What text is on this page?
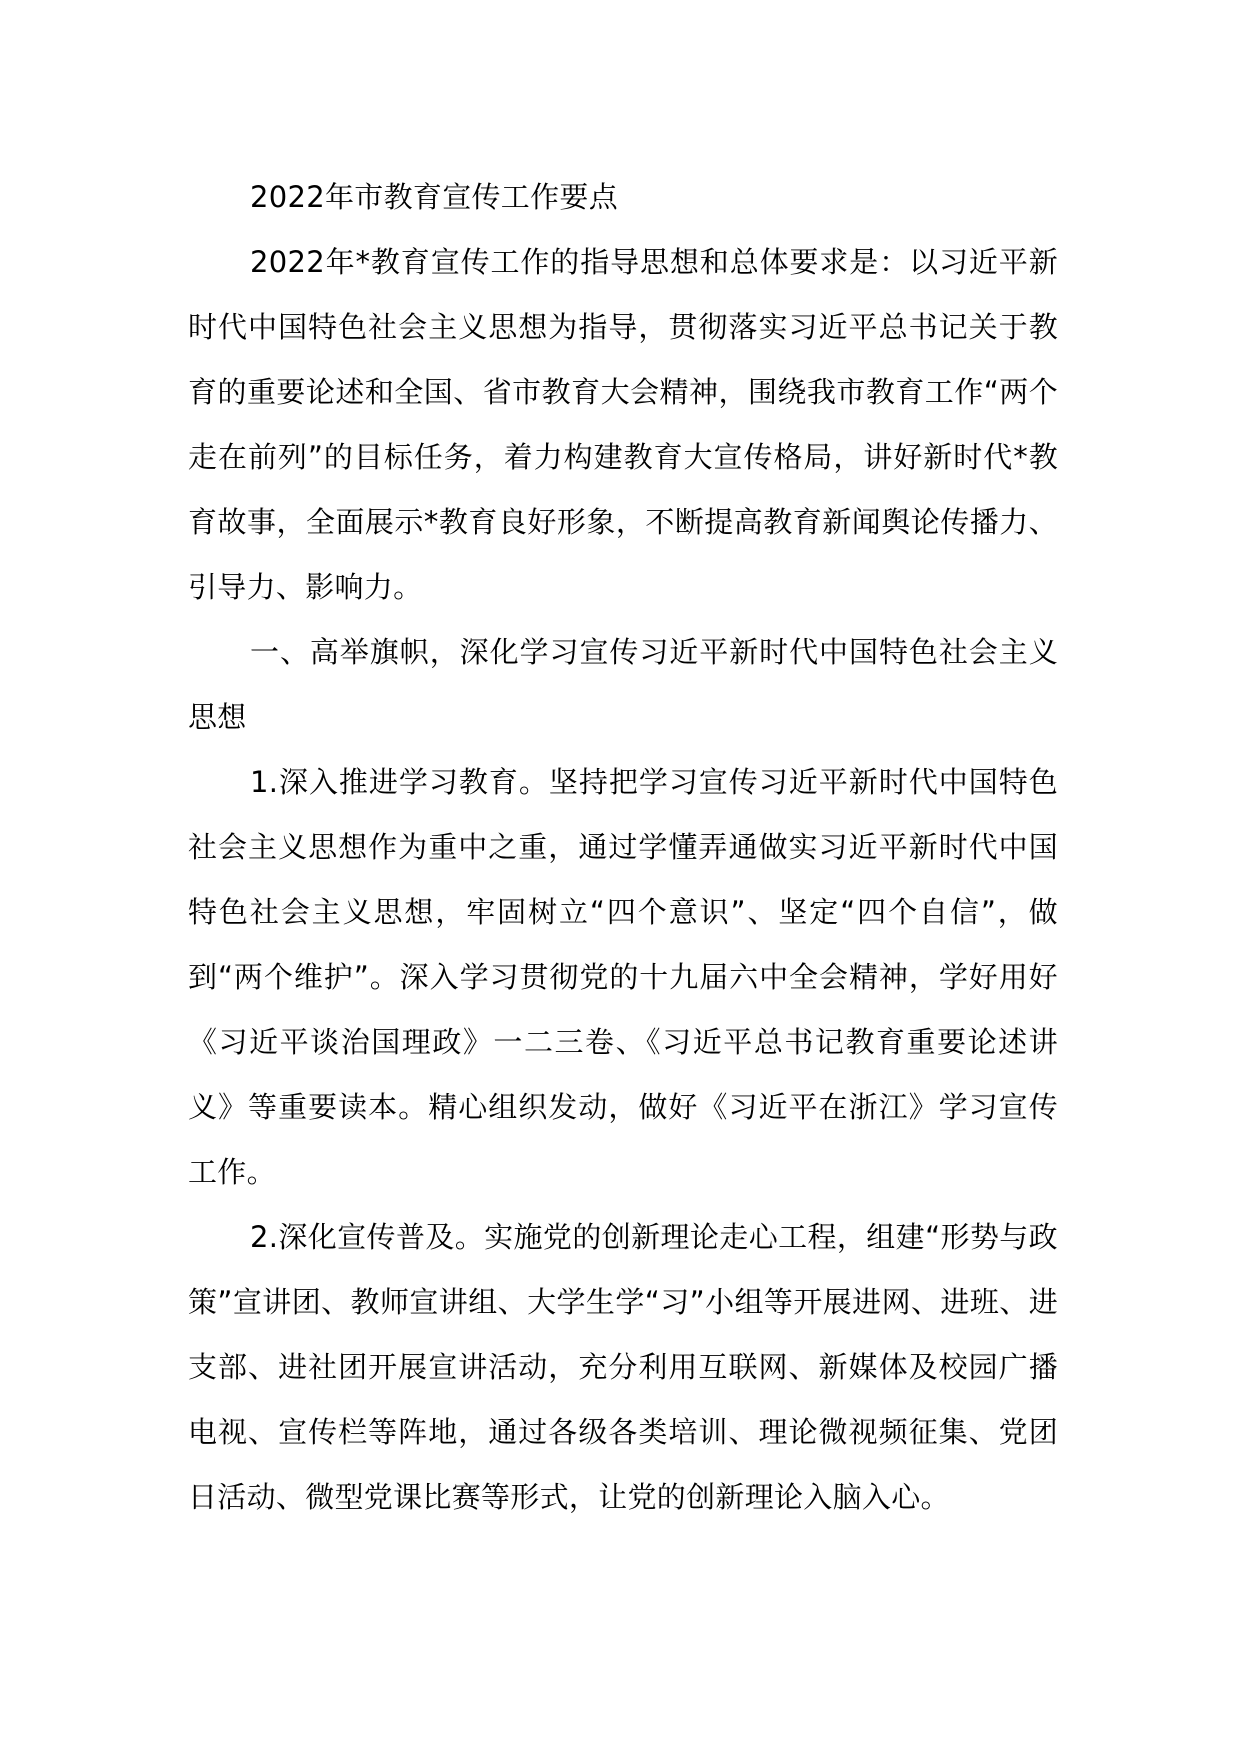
2022年市教育宣传工作要点

2022年*教育宣传工作的指导思想和总体要求是：以习近平新时代中国特色社会主义思想为指导，贯彻落实习近平总书记关于教育的重要论述和全国、省市教育大会精神，围绕我市教育工作“两个走在前列”的目标任务，着力构建教育大宣传格局，讲好新时代*教育故事，全面展示*教育良好形象，不断提高教育新闻舆论传播力、引导力、影响力。

一、高举旗帜，深化学习宣传习近平新时代中国特色社会主义思想

1.深入推进学习教育。坚持把学习宣传习近平新时代中国特色社会主义思想作为重中之重，通过学懂弄通做实习近平新时代中国特色社会主义思想，牢固树立“四个意识”、坚定“四个自信”，做到“两个维护”。深入学习贯彻党的十九届六中全会精神，学好用好《习近平谈治国理政》一二三卷、《习近平总书记教育重要论述讲义》等重要读本。精心组织发动，做好《习近平在浙江》学习宣传工作。

2.深化宣传普及。实施党的创新理论走心工程，组建“形势与政策”宣讲团、教师宣讲组、大学生学“习”小组等开展进网、进班、进支部、进社团开展宣讲活动，充分利用互联网、新媒体及校园广播电视、宣传栏等阵地，通过各级各类培训、理论微视频征集、党团日活动、微型党课比赛等形式，让党的创新理论入脑入心。
